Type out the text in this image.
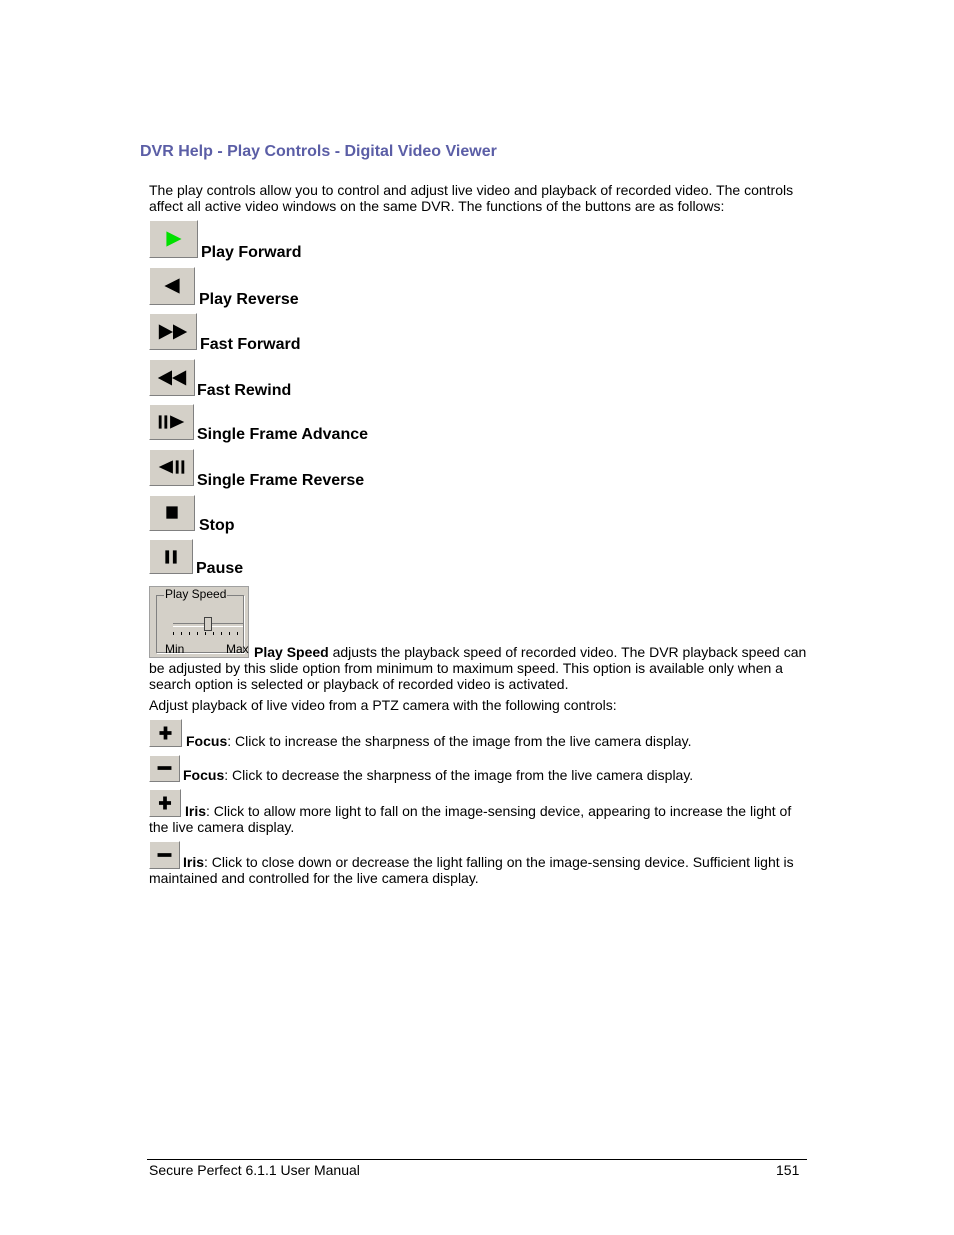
DVR Help - Play Controls - Digital Video Viewer
The play controls allow you to control and adjust live video and playback of recorded video. The controls affect all active video windows on the same DVR. The functions of the buttons are as follows:
Play Forward
Play Reverse
Fast Forward
Fast Rewind
Single Frame Advance
Single Frame Reverse
Stop
Pause
Min	Max
Play Speed
Play Speed adjusts the playback speed of recorded video. The DVR playback speed can be adjusted by this slide option from minimum to maximum speed. This option is available only when a search option is selected or playback of recorded video is activated.
Adjust playback of live video from a PTZ camera with the following controls:
Focus: Click to increase the sharpness of the image from the live camera display.
Focus: Click to decrease the sharpness of the image from the live camera display.
Iris: Click to allow more light to fall on the image-sensing device, appearing to increase the light of the live camera display.
Iris: Click to close down or decrease the light falling on the image-sensing device. Sufficient light is maintained and controlled for the live camera display.
Secure Perfect 6.1.1 User Manual	151
